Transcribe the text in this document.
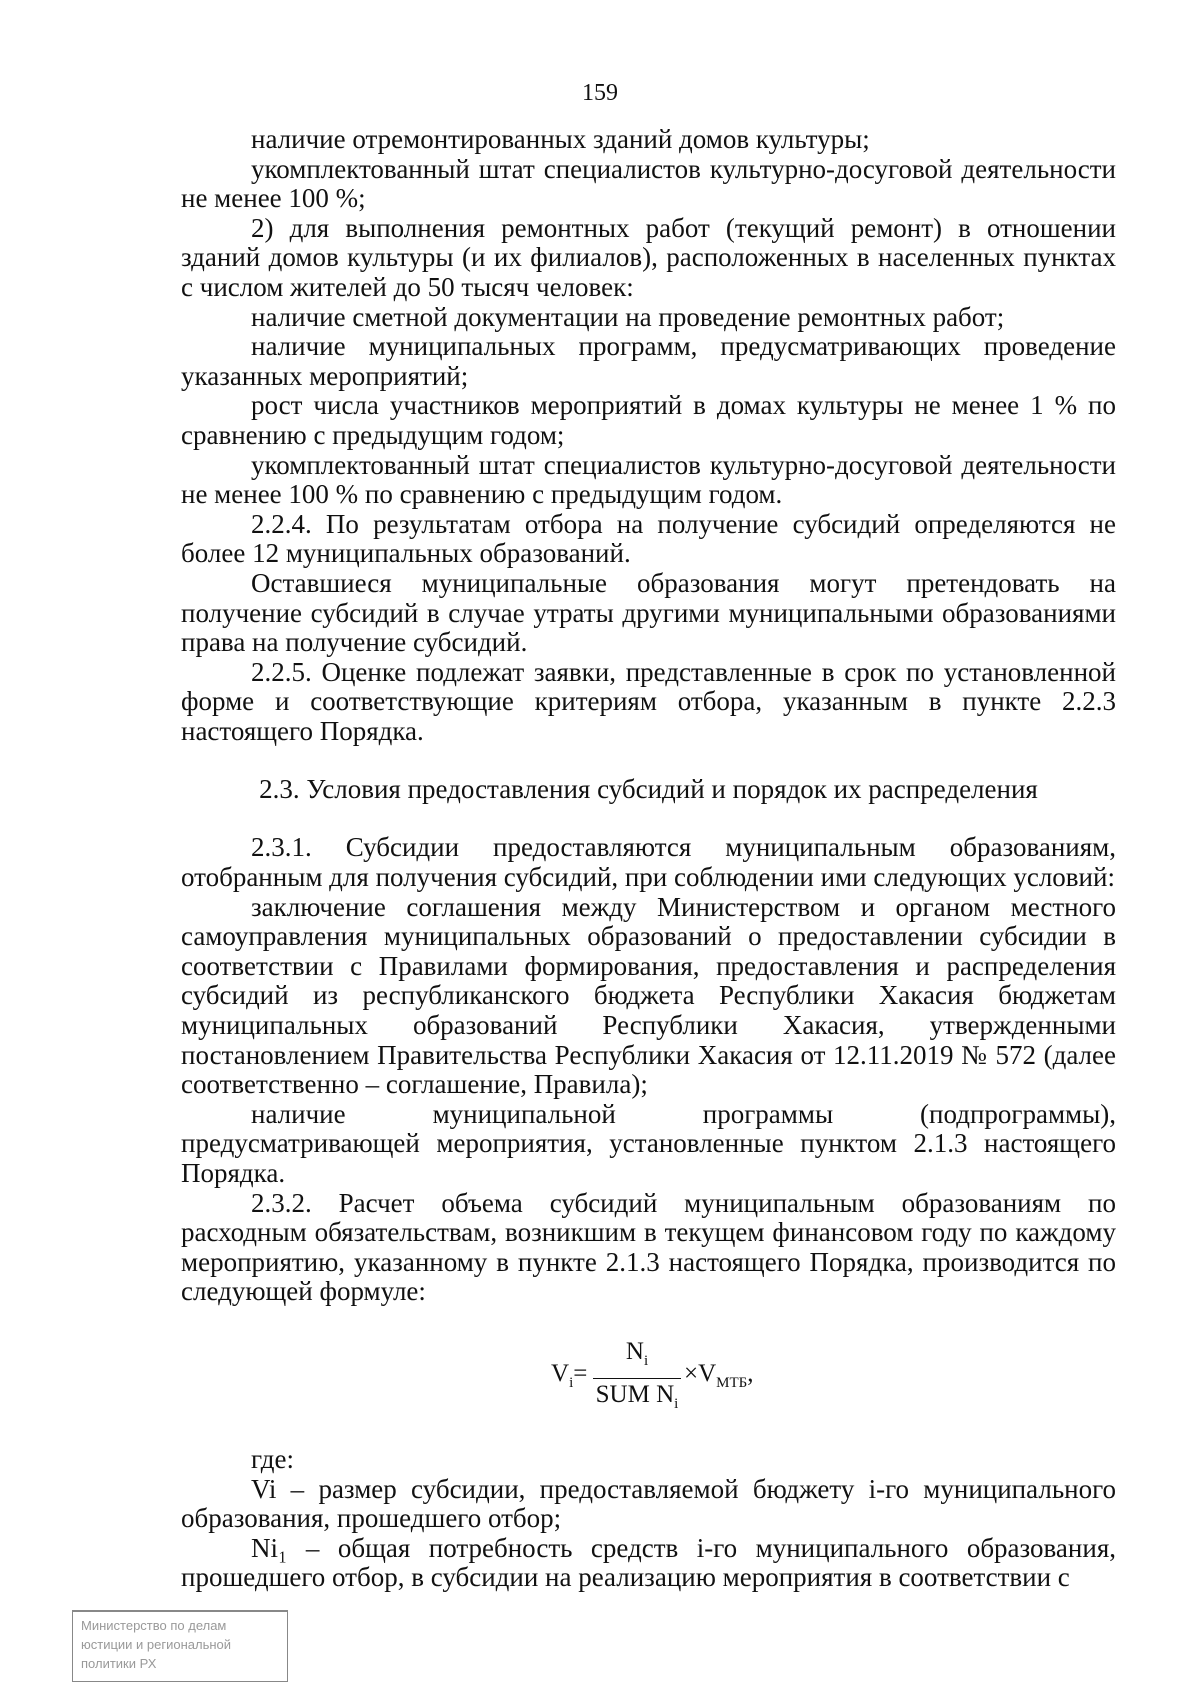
159

наличие отремонтированных зданий домов культуры;

укомплектованный штат специалистов культурно-досуговой деятельности не менее 100 %;

2) для выполнения ремонтных работ (текущий ремонт) в отношении зданий домов культуры (и их филиалов), расположенных в населенных пунктах с числом жителей до 50 тысяч человек:

наличие сметной документации на проведение ремонтных работ;

наличие муниципальных программ, предусматривающих проведение указанных мероприятий;

рост числа участников мероприятий в домах культуры не менее 1 % по сравнению с предыдущим годом;

укомплектованный штат специалистов культурно-досуговой деятельности не менее 100 % по сравнению с предыдущим годом.

2.2.4. По результатам отбора на получение субсидий определяются не более 12 муниципальных образований.

Оставшиеся муниципальные образования могут претендовать на получение субсидий в случае утраты другими муниципальными образованиями права на получение субсидий.

2.2.5. Оценке подлежат заявки, представленные в срок по установленной форме и соответствующие критериям отбора, указанным в пункте 2.2.3 настоящего Порядка.

2.3. Условия предоставления субсидий и порядок их распределения

2.3.1. Субсидии предоставляются муниципальным образованиям, отобранным для получения субсидий, при соблюдении ими следующих условий:

заключение соглашения между Министерством и органом местного самоуправления муниципальных образований о предоставлении субсидии в соответствии с Правилами формирования, предоставления и распределения субсидий из республиканского бюджета Республики Хакасия бюджетам муниципальных образований Республики Хакасия, утвержденными постановлением Правительства Республики Хакасия от 12.11.2019 № 572 (далее соответственно – соглашение, Правила);

наличие муниципальной программы (подпрограммы), предусматривающей мероприятия, установленные пунктом 2.1.3 настоящего Порядка.

2.3.2. Расчет объема субсидий муниципальным образованиям по расходным обязательствам, возникшим в текущем финансовом году по каждому мероприятию, указанному в пункте 2.1.3 настоящего Порядка, производится по следующей формуле:

$V_i=$
$N_i$
SUM $N_i$
$\times V_{МТБ}$,

где:

Vi – размер субсидии, предоставляемой бюджету i-го муниципального образования, прошедшего отбор;

Ni₁ – общая потребность средств i-го муниципального образования, прошедшего отбор, в субсидии на реализацию мероприятия в соответствии с

Министерство по делам
юстиции и региональной
политики РХ
